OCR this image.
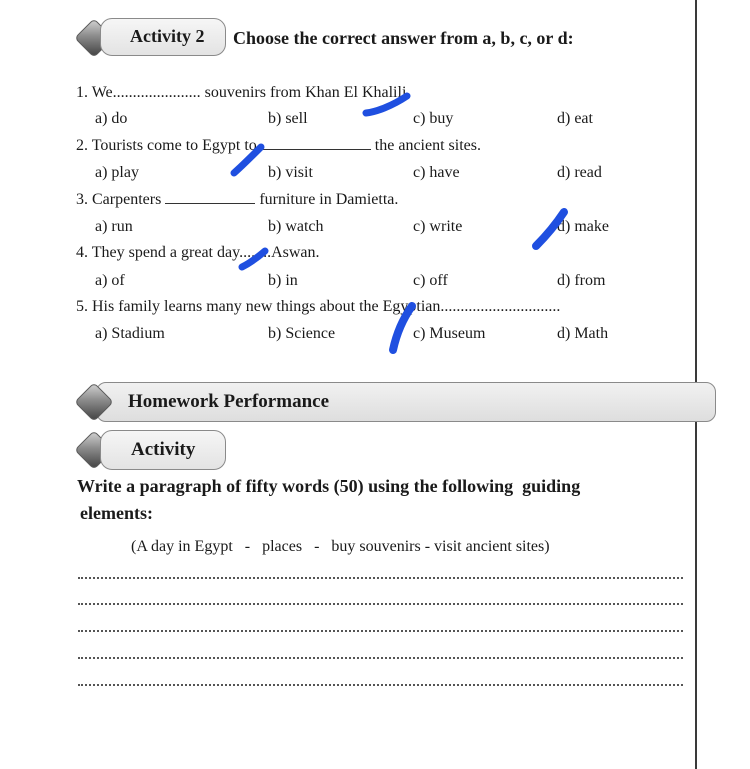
Activity 2 Choose the correct answer from a, b, c, or d:
1. We...................... souvenirs from Khan El Khalili.
a) do	b) sell	c) buy	d) eat
2. Tourists come to Egypt to	the ancient sites.
a) play	b) visit	c) have	d) read
3. Carpenters	furniture in Damietta.
a) run	b) watch	c) write	d) make
4. They spend a great day........Aswan.
a) of	b) in	c) off	d) from
5. His family learns many new things about the Egyptian..............................
a) Stadium	b) Science	c) Museum	d) Math
Homework Performance
Activity
Write a paragraph of fifty words (50) using the following  guiding
elements:
(A day in Egypt   -   places   -   buy souvenirs - visit ancient sites)
